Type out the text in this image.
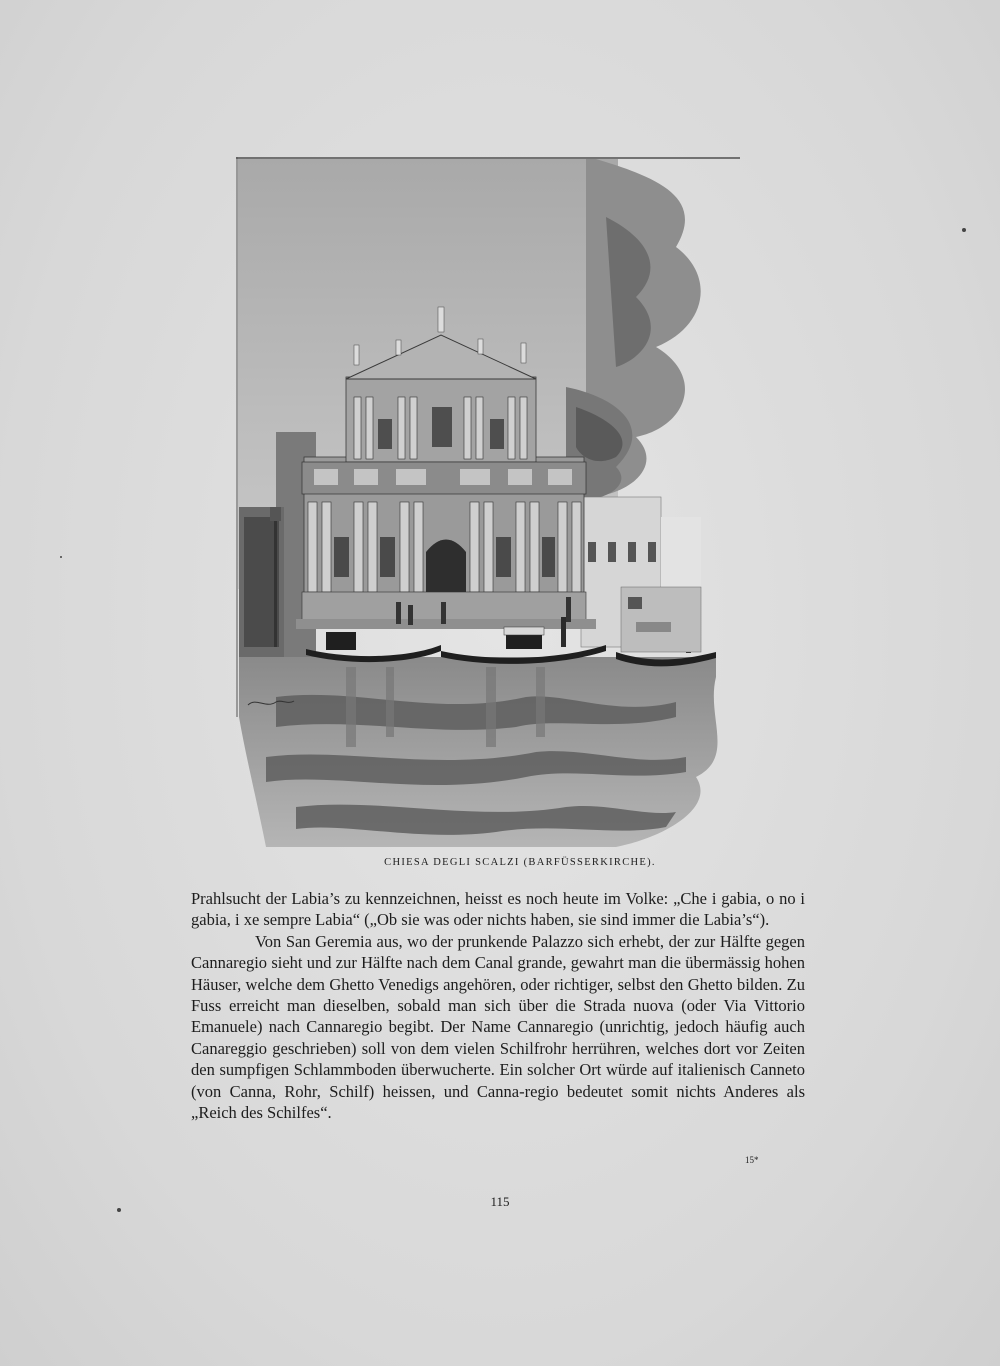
CHIESA DEGLI SCALZI (BARFÜSSERKIRCHE).

Prahlsucht der Labia’s zu kennzeichnen, heisst es noch heute im Volke: „Che i gabia, o no i gabia, i xe sempre Labia“ („Ob sie was oder nichts haben, sie sind immer die Labia’s“).

Von San Geremia aus, wo der prunkende Palazzo sich erhebt, der zur Hälfte gegen Cannaregio sieht und zur Hälfte nach dem Canal grande, gewahrt man die übermässig hohen Häuser, welche dem Ghetto Venedigs angehören, oder richtiger, selbst den Ghetto bilden. Zu Fuss erreicht man dieselben, sobald man sich über die Strada nuova (oder Via Vittorio Emanuele) nach Cannaregio begibt. Der Name Cannaregio (unrichtig, jedoch häufig auch Canareggio geschrieben) soll von dem vielen Schilfrohr herrühren, welches dort vor Zeiten den sumpfigen Schlammboden überwucherte. Ein solcher Ort würde auf italienisch Canneto (von Canna, Rohr, Schilf) heissen, und Canna-regio bedeutet somit nichts Anderes als „Reich des Schilfes“.

15*
115
